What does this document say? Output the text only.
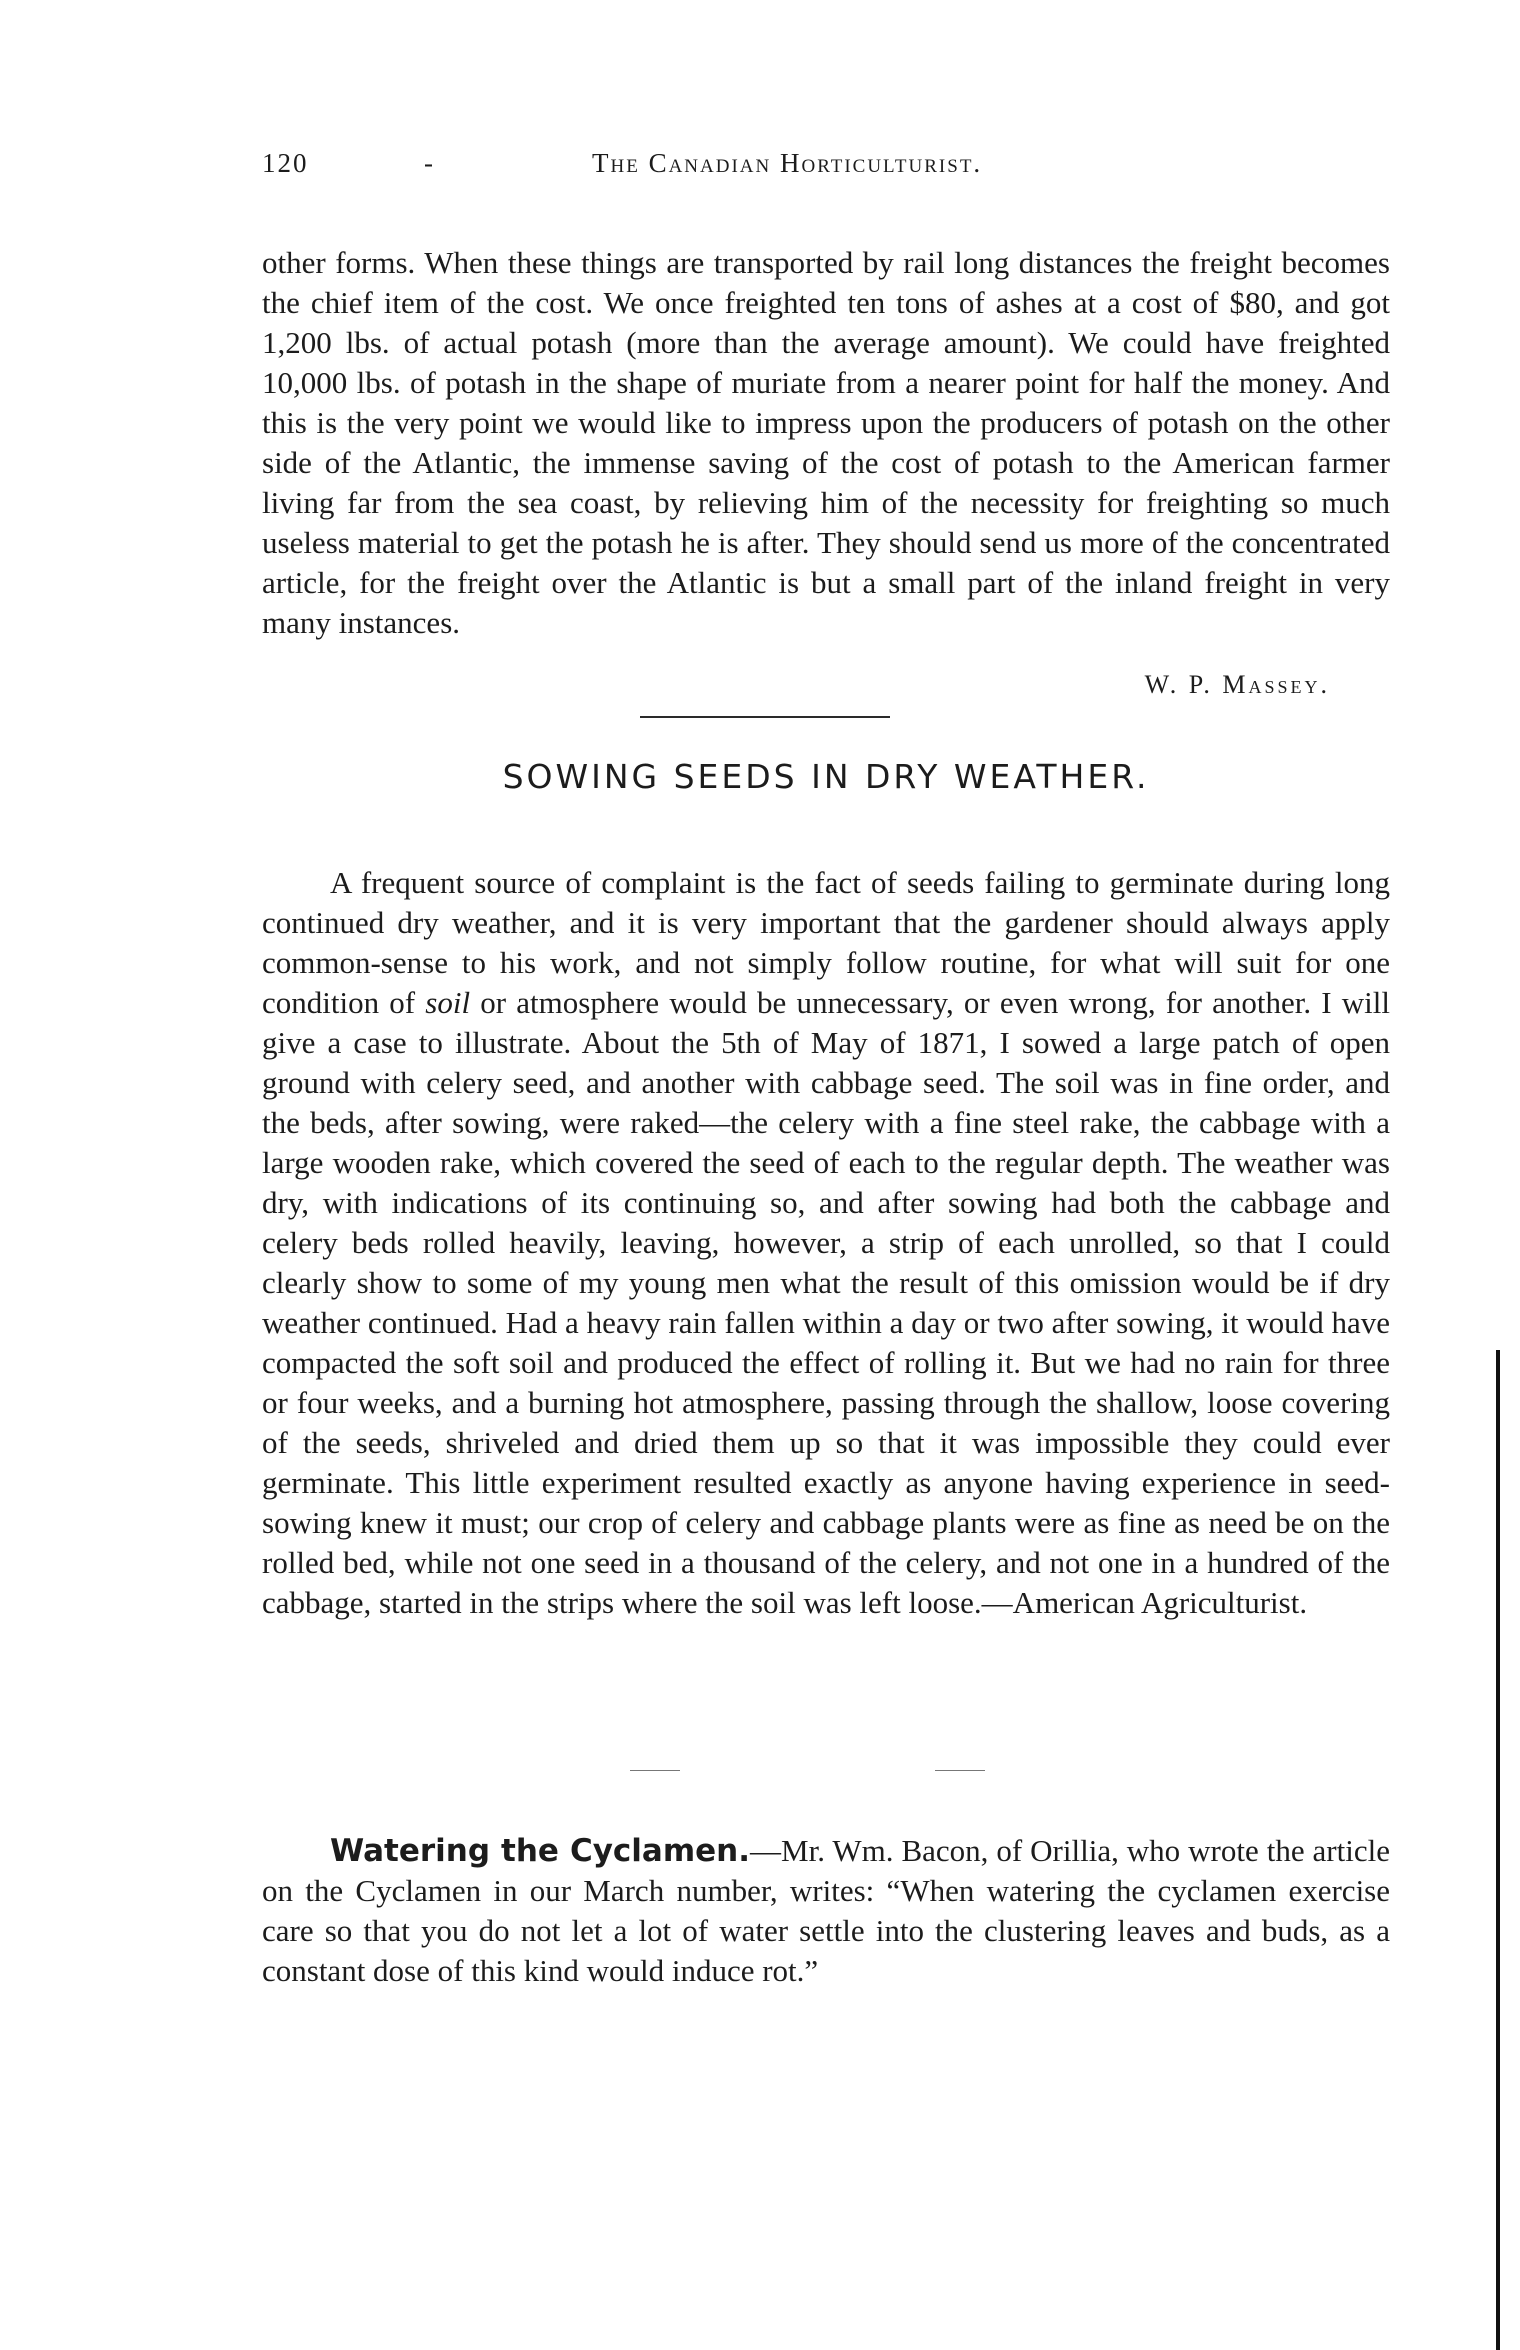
120	-	The Canadian Horticulturist.

other forms. When these things are transported by rail long distances the freight becomes the chief item of the cost. We once freighted ten tons of ashes at a cost of $80, and got 1,200 lbs. of actual potash (more than the average amount). We could have freighted 10,000 lbs. of potash in the shape of muriate from a nearer point for half the money. And this is the very point we would like to impress upon the producers of potash on the other side of the Atlantic, the immense saving of the cost of potash to the American farmer living far from the sea coast, by relieving him of the necessity for freighting so much useless material to get the potash he is after. They should send us more of the concentrated article, for the freight over the Atlantic is but a small part of the inland freight in very many instances.

W. P. Massey.
SOWING SEEDS IN DRY WEATHER.

A frequent source of complaint is the fact of seeds failing to germinate during long continued dry weather, and it is very important that the gardener should always apply common-sense to his work, and not simply follow routine, for what will suit for one condition of soil or atmosphere would be unnecessary, or even wrong, for another. I will give a case to illustrate. About the 5th of May of 1871, I sowed a large patch of open ground with celery seed, and another with cabbage seed. The soil was in fine order, and the beds, after sowing, were raked—the celery with a fine steel rake, the cabbage with a large wooden rake, which covered the seed of each to the regular depth. The weather was dry, with indications of its continuing so, and after sowing had both the cabbage and celery beds rolled heavily, leaving, however, a strip of each unrolled, so that I could clearly show to some of my young men what the result of this omission would be if dry weather continued. Had a heavy rain fallen within a day or two after sowing, it would have compacted the soft soil and produced the effect of rolling it. But we had no rain for three or four weeks, and a burning hot atmosphere, passing through the shallow, loose covering of the seeds, shriveled and dried them up so that it was impossible they could ever germinate. This little experiment resulted exactly as anyone having experience in seed-sowing knew it must; our crop of celery and cabbage plants were as fine as need be on the rolled bed, while not one seed in a thousand of the celery, and not one in a hundred of the cabbage, started in the strips where the soil was left loose.—American Agriculturist.

Watering the Cyclamen.—Mr. Wm. Bacon, of Orillia, who wrote the article on the Cyclamen in our March number, writes: “When watering the cyclamen exercise care so that you do not let a lot of water settle into the clustering leaves and buds, as a constant dose of this kind would induce rot.”
